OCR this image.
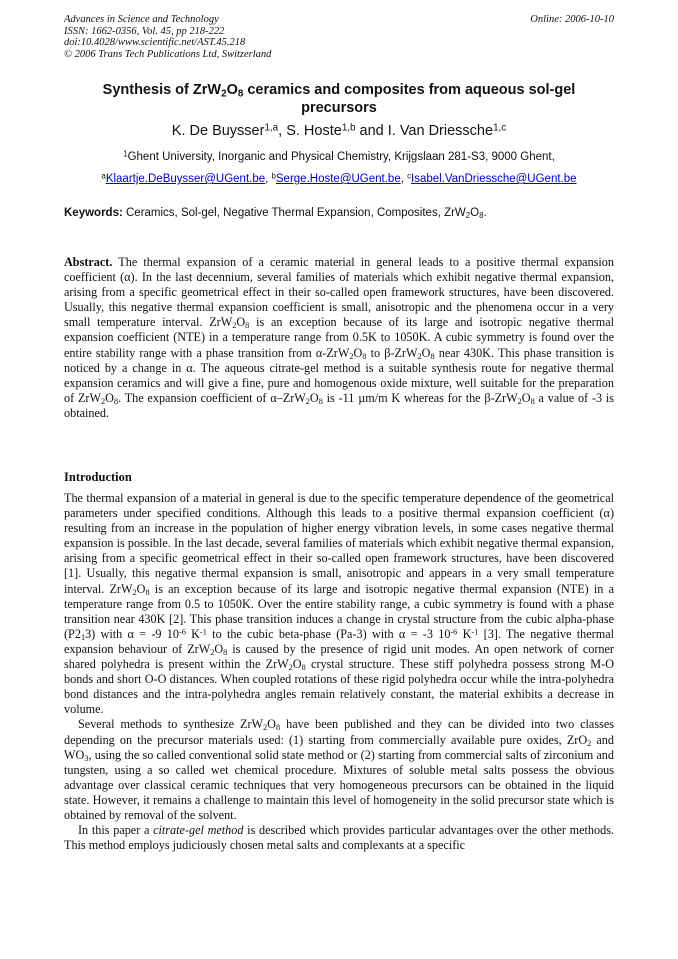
Advances in Science and Technology
ISSN: 1662-0356, Vol. 45, pp 218-222
doi:10.4028/www.scientific.net/AST.45.218
© 2006 Trans Tech Publications Ltd, Switzerland
Online: 2006-10-10
Synthesis of $ZrW_2O_8$ ceramics and composites from aqueous sol-gel precursors
K. De Buysser$^{1,a}$, S. Hoste$^{1,b}$ and I. Van Driessche$^{1,c}$
$^1$Ghent University, Inorganic and Physical Chemistry, Krijgslaan 281-S3, 9000 Ghent,
$^a$Klaartje.DeBuysser@UGent.be, $^b$Serge.Hoste@UGent.be, $^c$Isabel.VanDriessche@UGent.be
Keywords: Ceramics, Sol-gel, Negative Thermal Expansion, Composites, $ZrW_2O_8$.
Abstract. The thermal expansion of a ceramic material in general leads to a positive thermal expansion coefficient (α). In the last decennium, several families of materials which exhibit negative thermal expansion, arising from a specific geometrical effect in their so-called open framework structures, have been discovered. Usually, this negative thermal expansion coefficient is small, anisotropic and the phenomena occur in a very small temperature interval. $ZrW_2O_8$ is an exception because of its large and isotropic negative thermal expansion coefficient (NTE) in a temperature range from 0.5K to 1050K. A cubic symmetry is found over the entire stability range with a phase transition from $\alpha-ZrW_2O_8$ to $\beta-ZrW_2O_8$ near 430K. This phase transition is noticed by a change in α. The aqueous citrate-gel method is a suitable synthesis route for negative thermal expansion ceramics and will give a fine, pure and homogenous oxide mixture, well suitable for the preparation of $ZrW_2O_8$. The expansion coefficient of $\alpha-ZrW_2O_8$ is -11 µm/m K whereas for the $\beta-ZrW_2O_8$ a value of -3 is obtained.
Introduction

The thermal expansion of a material in general is due to the specific temperature dependence of the geometrical parameters under specified conditions. Although this leads to a positive thermal expansion coefficient (α) resulting from an increase in the population of higher energy vibration levels, in some cases negative thermal expansion is possible. In the last decade, several families of materials which exhibit negative thermal expansion, arising from a specific geometrical effect in their so-called open framework structures, have been discovered [1]. Usually, this negative thermal expansion is small, anisotropic and appears in a very small temperature interval. $ZrW_2O_8$ is an exception because of its large and isotropic negative thermal expansion (NTE) in a temperature range from 0.5 to 1050K. Over the entire stability range, a cubic symmetry is found with a phase transition near 430K [2]. This phase transition induces a change in crystal structure from the cubic alpha-phase $(P2_13)$ with α = -9 $10^{-6}$ $K^{-1}$ to the cubic beta-phase (Pa-3) with α = -3 $10^{-6}$ $K^{-1}$ [3]. The negative thermal expansion behaviour of $ZrW_2O_8$ is caused by the presence of rigid unit modes. An open network of corner shared polyhedra is present within the $ZrW_2O_8$ crystal structure. These stiff polyhedra possess strong M-O bonds and short O-O distances. When coupled rotations of these rigid polyhedra occur while the intra-polyhedra bond distances and the intra-polyhedra angles remain relatively constant, the material exhibits a decrease in volume.

Several methods to synthesize $ZrW_2O_8$ have been published and they can be divided into two classes depending on the precursor materials used: (1) starting from commercially available pure oxides, ZrO$_2$ and $WO_3$, using the so called conventional solid state method or (2) starting from commercial salts of zirconium and tungsten, using a so called wet chemical procedure. Mixtures of soluble metal salts possess the obvious advantage over classical ceramic techniques that very homogeneous precursors can be obtained in the liquid state. However, it remains a challenge to maintain this level of homogeneity in the solid precursor state which is obtained by removal of the solvent.

In this paper a citrate-gel method is described which provides particular advantages over the other methods. This method employs judiciously chosen metal salts and complexants at a specific
